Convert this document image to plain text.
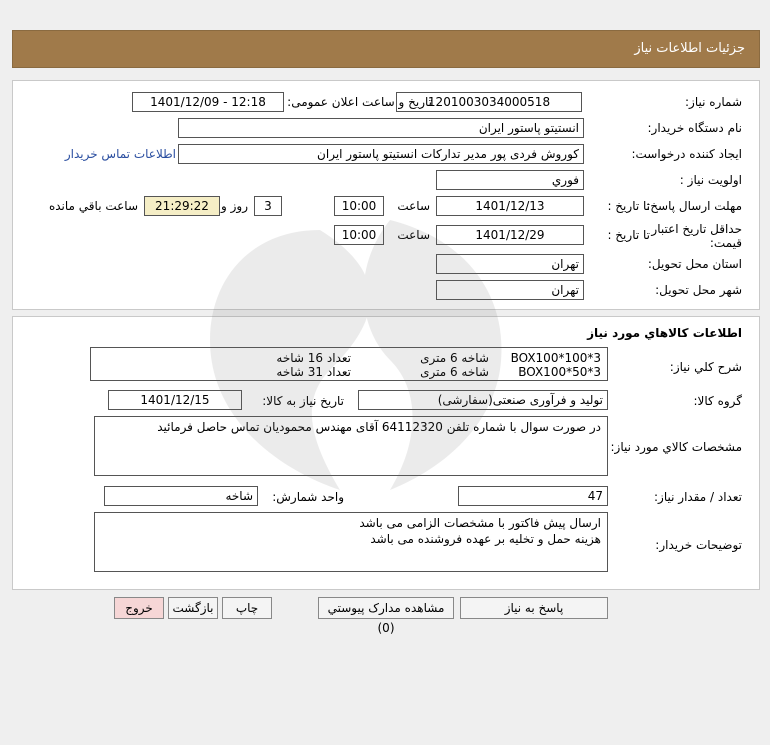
جزئيات اطلاعات نياز
شماره نياز:
1201003034000518
تاريخ و ساعت اعلان عمومی:
1401/12/09 - 12:18
نام دستگاه خريدار:
انستيتو پاستور ايران
ايجاد کننده درخواست:
کوروش فردی پور مدیر تدارکات انستیتو پاستور ایران
اطلاعات تماس خريدار
اولويت نياز :
فوري
مهلت ارسال پاسخ:
تا تاريخ :
1401/12/13
ساعت
10:00
3
روز و
21:29:22
ساعت باقي مانده
حداقل تاريخ اعتبار قيمت:
تا تاريخ :
1401/12/29
ساعت
10:00
استان محل تحويل:
تهران
شهر محل تحويل:
تهران
اطلاعات کالاهاي مورد نياز
شرح کلي نياز:
BOX100*100*3
شاخه 6 متری
تعداد 16 شاخه
BOX100*50*3
شاخه 6 متری
تعداد 31 شاخه
گروه کالا:
تولید و فرآوری صنعتی(سفارشی)
تاريخ نياز به کالا:
1401/12/15
مشخصات کالاي مورد نياز:
در صورت سوال با شماره تلفن 64112320 آقای مهندس محمودیان تماس حاصل فرمائید
تعداد / مقدار نياز:
47
واحد شمارش:
شاخه
توضيحات خريدار:
ارسال پیش فاکتور با مشخصات الزامی می باشد
هزینه حمل و تخلیه بر عهده فروشنده می باشد
پاسخ به نياز
مشاهده مدارک پيوستي (0)
چاپ
بازگشت
خروج
